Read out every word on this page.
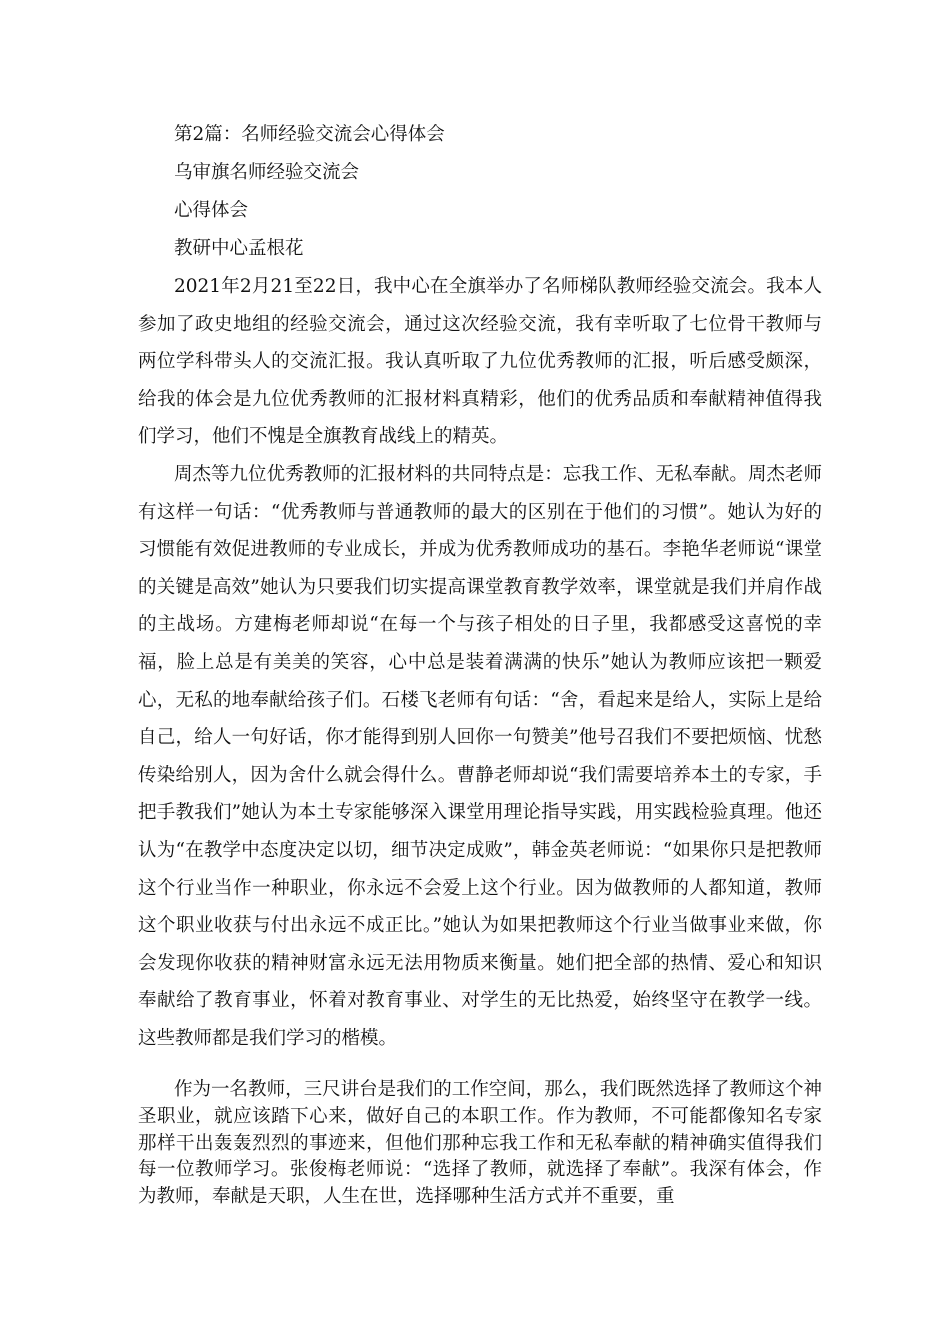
第2篇：名师经验交流会心得体会

乌审旗名师经验交流会

心得体会

教研中心孟根花

2021年2月21至22日，我中心在全旗举办了名师梯队教师经验交流会。我本人参加了政史地组的经验交流会，通过这次经验交流，我有幸听取了七位骨干教师与两位学科带头人的交流汇报。我认真听取了九位优秀教师的汇报，听后感受颇深，给我的体会是九位优秀教师的汇报材料真精彩，他们的优秀品质和奉献精神值得我们学习，他们不愧是全旗教育战线上的精英。

周杰等九位优秀教师的汇报材料的共同特点是：忘我工作、无私奉献。周杰老师有这样一句话：“优秀教师与普通教师的最大的区别在于他们的习惯”。她认为好的习惯能有效促进教师的专业成长，并成为优秀教师成功的基石。李艳华老师说“课堂的关键是高效”她认为只要我们切实提高课堂教育教学效率，课堂就是我们并肩作战的主战场。方建梅老师却说“在每一个与孩子相处的日子里，我都感受这喜悦的幸福，脸上总是有美美的笑容，心中总是装着满满的快乐”她认为教师应该把一颗爱心，无私的地奉献给孩子们。石楼飞老师有句话：“舍，看起来是给人，实际上是给自己，给人一句好话，你才能得到别人回你一句赞美”他号召我们不要把烦恼、忧愁传染给别人，因为舍什么就会得什么。曹静老师却说“我们需要培养本土的专家，手把手教我们”她认为本土专家能够深入课堂用理论指导实践，用实践检验真理。他还认为“在教学中态度决定以切，细节决定成败”，韩金英老师说：“如果你只是把教师这个行业当作一种职业，你永远不会爱上这个行业。因为做教师的人都知道，教师这个职业收获与付出永远不成正比。”她认为如果把教师这个行业当做事业来做，你会发现你收获的精神财富永远无法用物质来衡量。她们把全部的热情、爱心和知识奉献给了教育事业，怀着对教育事业、对学生的无比热爱，始终坚守在教学一线。这些教师都是我们学习的楷模。

作为一名教师，三尺讲台是我们的工作空间，那么，我们既然选择了教师这个神圣职业，就应该踏下心来，做好自己的本职工作。作为教师，不可能都像知名专家那样干出轰轰烈烈的事迹来，但他们那种忘我工作和无私奉献的精神确实值得我们每一位教师学习。张俊梅老师说：“选择了教师，就选择了奉献”。我深有体会，作为教师，奉献是天职，人生在世，选择哪种生活方式并不重要，重
